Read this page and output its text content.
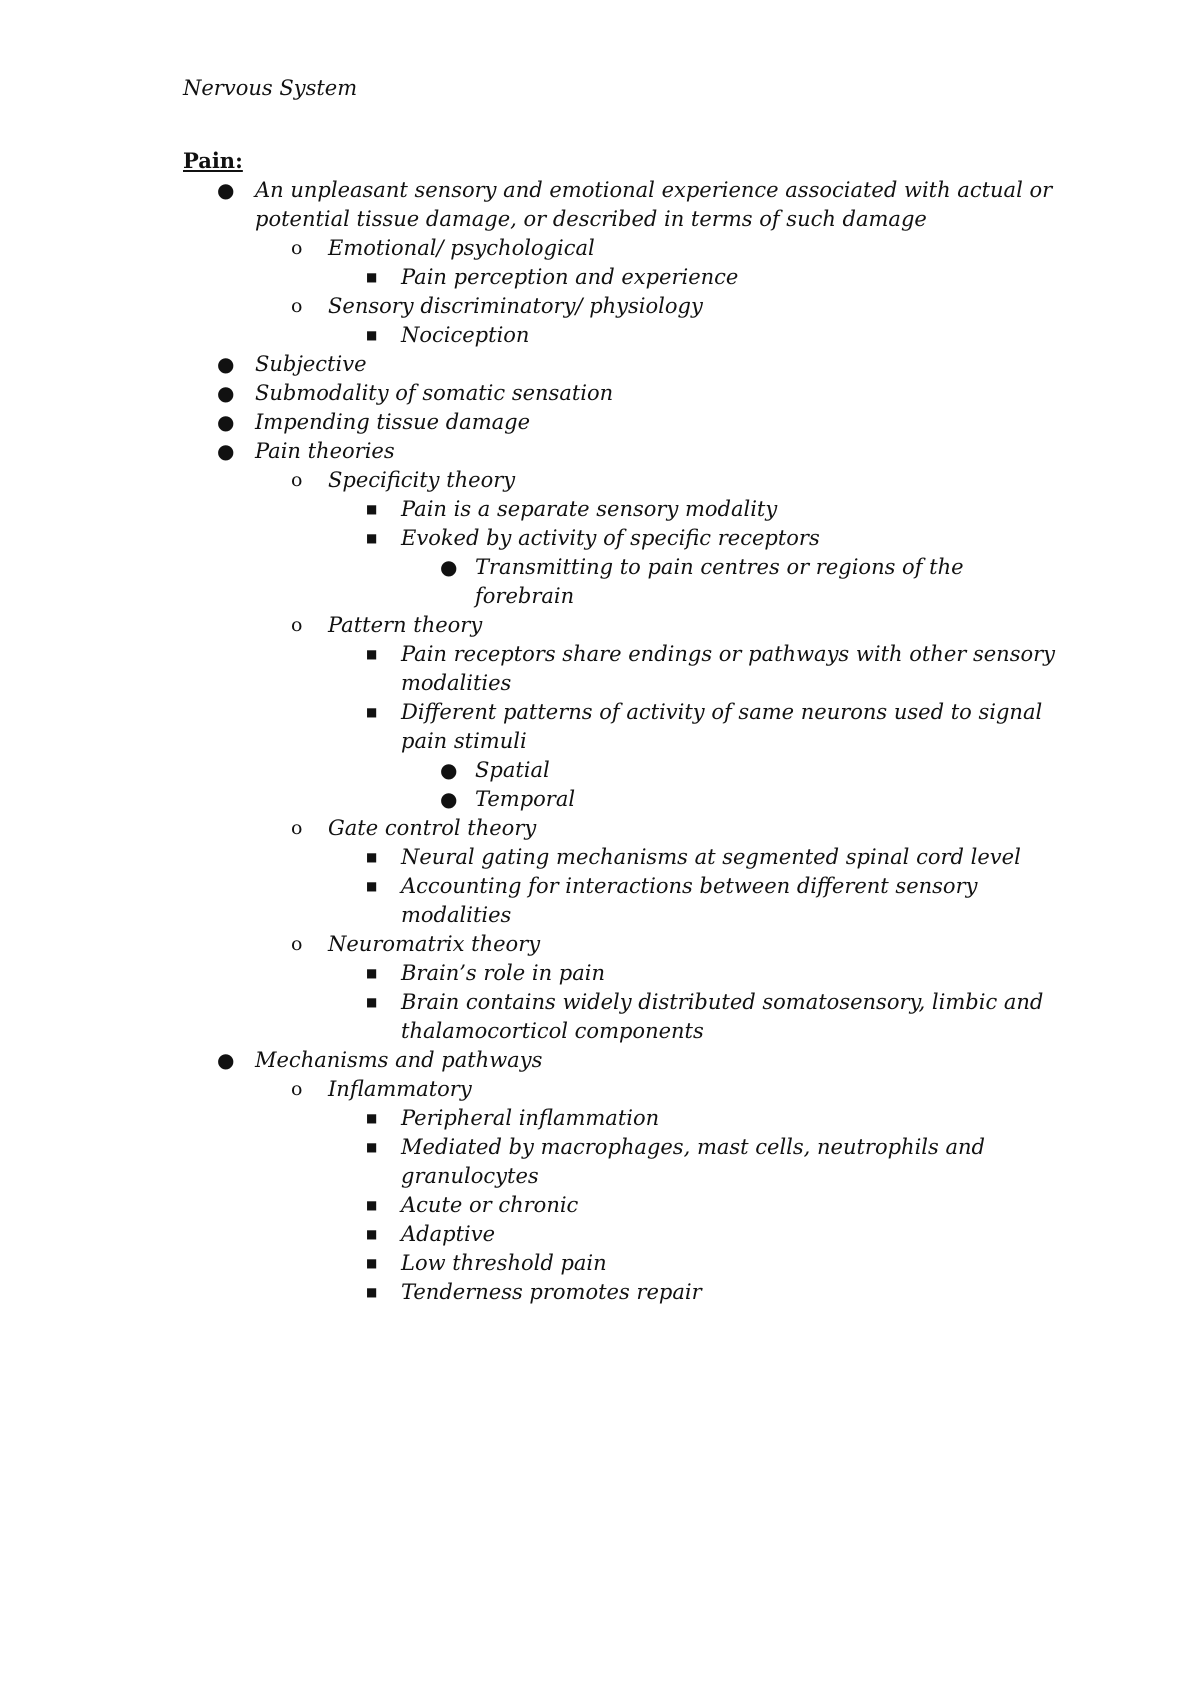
Nervous System
Pain:
● An unpleasant sensory and emotional experience associated with actual or
potential tissue damage, or described in terms of such damage
o Emotional/ psychological
■ Pain perception and experience
o Sensory discriminatory/ physiology
■ Nociception
● Subjective
● Submodality of somatic sensation
● Impending tissue damage
● Pain theories
o Specificity theory
■ Pain is a separate sensory modality
■ Evoked by activity of specific receptors
● Transmitting to pain centres or regions of the
forebrain
o Pattern theory
■ Pain receptors share endings or pathways with other sensory
modalities
■ Different patterns of activity of same neurons used to signal
pain stimuli
● Spatial
● Temporal
o Gate control theory
■ Neural gating mechanisms at segmented spinal cord level
■ Accounting for interactions between different sensory
modalities
o Neuromatrix theory
■ Brain’s role in pain
■ Brain contains widely distributed somatosensory, limbic and
thalamocorticol components
● Mechanisms and pathways
o Inflammatory
■ Peripheral inflammation
■ Mediated by macrophages, mast cells, neutrophils and
granulocytes
■ Acute or chronic
■ Adaptive
■ Low threshold pain
■ Tenderness promotes repair
